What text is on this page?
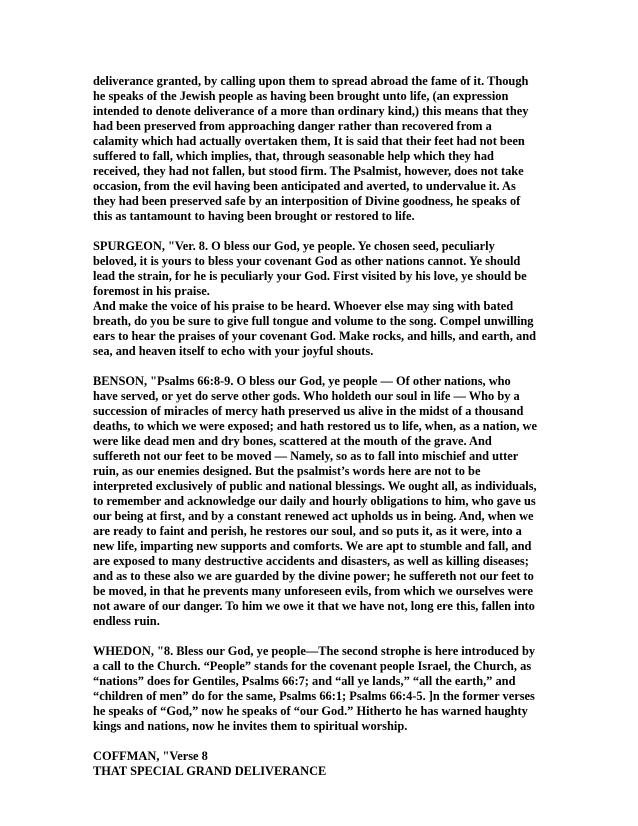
deliverance granted, by calling upon them to spread abroad the fame of it. Though
he speaks of the Jewish people as having been brought unto life, (an expression
intended to denote deliverance of a more than ordinary kind,) this means that they
had been preserved from approaching danger rather than recovered from a
calamity which had actually overtaken them, It is said that their feet had not been
suffered to fall, which implies, that, through seasonable help which they had
received, they had not fallen, but stood firm. The Psalmist, however, does not take
occasion, from the evil having been anticipated and averted, to undervalue it. As
they had been preserved safe by an interposition of Divine goodness, he speaks of
this as tantamount to having been brought or restored to life.

SPURGEON, "Ver. 8. O bless our God, ye people. Ye chosen seed, peculiarly
beloved, it is yours to bless your covenant God as other nations cannot. Ye should
lead the strain, for he is peculiarly your God. First visited by his love, ye should be
foremost in his praise.

And make the voice of his praise to be heard. Whoever else may sing with bated
breath, do you be sure to give full tongue and volume to the song. Compel unwilling
ears to hear the praises of your covenant God. Make rocks, and hills, and earth, and
sea, and heaven itself to echo with your joyful shouts.

BENSON, "Psalms 66:8-9. O bless our God, ye people — Of other nations, who
have served, or yet do serve other gods. Who holdeth our soul in life — Who by a
succession of miracles of mercy hath preserved us alive in the midst of a thousand
deaths, to which we were exposed; and hath restored us to life, when, as a nation, we
were like dead men and dry bones, scattered at the mouth of the grave. And
suffereth not our feet to be moved — Namely, so as to fall into mischief and utter
ruin, as our enemies designed. But the psalmist’s words here are not to be
interpreted exclusively of public and national blessings. We ought all, as individuals,
to remember and acknowledge our daily and hourly obligations to him, who gave us
our being at first, and by a constant renewed act upholds us in being. And, when we
are ready to faint and perish, he restores our soul, and so puts it, as it were, into a
new life, imparting new supports and comforts. We are apt to stumble and fall, and
are exposed to many destructive accidents and disasters, as well as killing diseases;
and as to these also we are guarded by the divine power; he suffereth not our feet to
be moved, in that he prevents many unforeseen evils, from which we ourselves were
not aware of our danger. To him we owe it that we have not, long ere this, fallen into
endless ruin.

WHEDON, "8. Bless our God, ye people—The second strophe is here introduced by
a call to the Church. “People” stands for the covenant people Israel, the Church, as
“nations” does for Gentiles, Psalms 66:7; and “all ye lands,” “all the earth,” and
“children of men” do for the same, Psalms 66:1; Psalms 66:4-5. ]n the former verses
he speaks of “God,” now he speaks of “our God.” Hitherto he has warned haughty
kings and nations, now he invites them to spiritual worship.

COFFMAN, "Verse 8

THAT SPECIAL GRAND DELIVERANCE
